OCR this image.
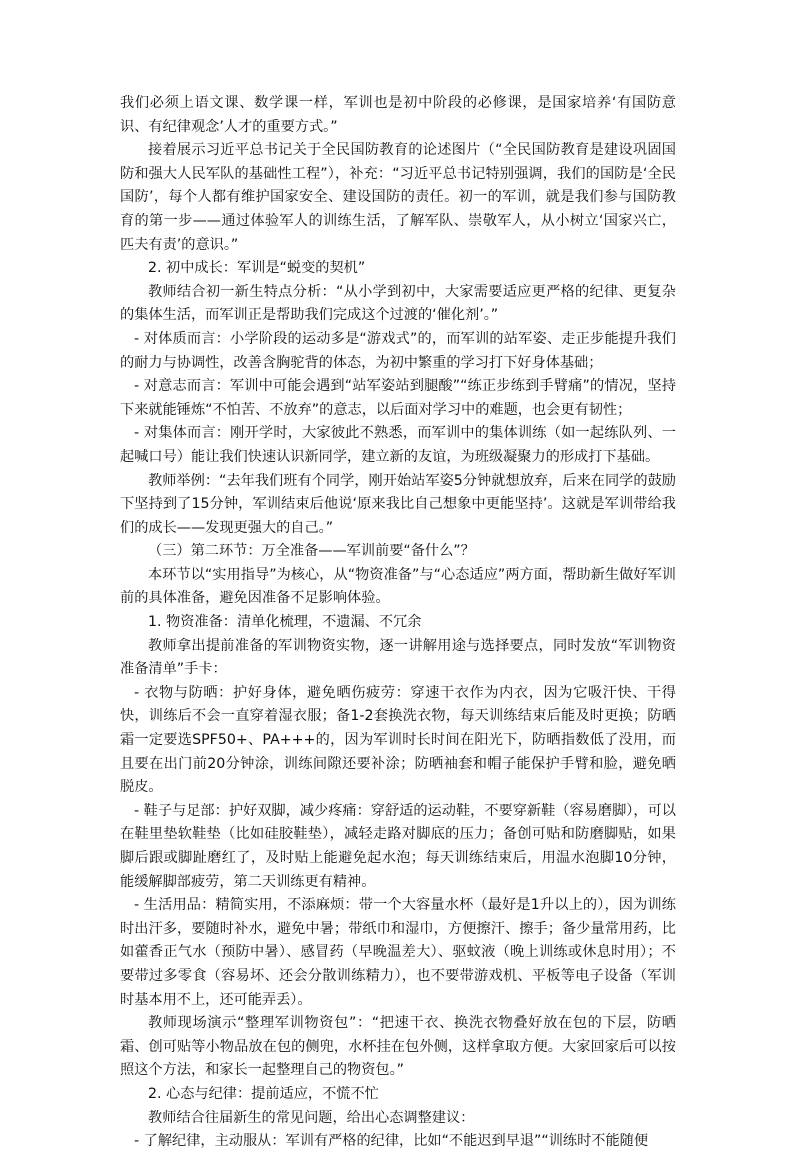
我们必须上语文课、数学课一样，军训也是初中阶段的必修课，是国家培养‘有国防意识、有纪律观念’人才的重要方式。”

接着展示习近平总书记关于全民国防教育的论述图片（“全民国防教育是建设巩固国防和强大人民军队的基础性工程”），补充：“习近平总书记特别强调，我们的国防是‘全民国防’，每个人都有维护国家安全、建设国防的责任。初一的军训，就是我们参与国防教育的第一步——通过体验军人的训练生活，了解军队、崇敬军人，从小树立‘国家兴亡，匹夫有责’的意识。”

2. 初中成长：军训是“蜕变的契机”

教师结合初一新生特点分析：“从小学到初中，大家需要适应更严格的纪律、更复杂的集体生活，而军训正是帮助我们完成这个过渡的‘催化剂’。”

- 对体质而言：小学阶段的运动多是“游戏式”的，而军训的站军姿、走正步能提升我们的耐力与协调性，改善含胸驼背的体态，为初中繁重的学习打下好身体基础；

- 对意志而言：军训中可能会遇到“站军姿站到腿酸”“练正步练到手臂痛”的情况，坚持下来就能锤炼“不怕苦、不放弃”的意志，以后面对学习中的难题，也会更有韧性；

- 对集体而言：刚开学时，大家彼此不熟悉，而军训中的集体训练（如一起练队列、一起喊口号）能让我们快速认识新同学，建立新的友谊，为班级凝聚力的形成打下基础。

教师举例：“去年我们班有个同学，刚开始站军姿5分钟就想放弃，后来在同学的鼓励下坚持到了15分钟，军训结束后他说‘原来我比自己想象中更能坚持’。这就是军训带给我们的成长——发现更强大的自己。”

（三）第二环节：万全准备——军训前要“备什么”？

本环节以“实用指导”为核心，从“物资准备”与“心态适应”两方面，帮助新生做好军训前的具体准备，避免因准备不足影响体验。

1. 物资准备：清单化梳理，不遗漏、不冗余

教师拿出提前准备的军训物资实物，逐一讲解用途与选择要点，同时发放“军训物资准备清单”手卡：

- 衣物与防晒：护好身体，避免晒伤疲劳：穿速干衣作为内衣，因为它吸汗快、干得快，训练后不会一直穿着湿衣服；备1-2套换洗衣物，每天训练结束后能及时更换；防晒霜一定要选SPF50+、PA+++的，因为军训时长时间在阳光下，防晒指数低了没用，而且要在出门前20分钟涂，训练间隙还要补涂；防晒袖套和帽子能保护手臂和脸，避免晒脱皮。

- 鞋子与足部：护好双脚，减少疼痛：穿舒适的运动鞋，不要穿新鞋（容易磨脚），可以在鞋里垫软鞋垫（比如硅胶鞋垫），减轻走路对脚底的压力；备创可贴和防磨脚贴，如果脚后跟或脚趾磨红了，及时贴上能避免起水泡；每天训练结束后，用温水泡脚10分钟，能缓解脚部疲劳，第二天训练更有精神。

- 生活用品：精简实用，不添麻烦：带一个大容量水杯（最好是1升以上的），因为训练时出汗多，要随时补水，避免中暑；带纸巾和湿巾，方便擦汗、擦手；备少量常用药，比如藿香正气水（预防中暑）、感冒药（早晚温差大）、驱蚊液（晚上训练或休息时用）；不要带过多零食（容易坏、还会分散训练精力），也不要带游戏机、平板等电子设备（军训时基本用不上，还可能弄丢）。

教师现场演示“整理军训物资包”：“把速干衣、换洗衣物叠好放在包的下层，防晒霜、创可贴等小物品放在包的侧兜，水杯挂在包外侧，这样拿取方便。大家回家后可以按照这个方法，和家长一起整理自己的物资包。”

2. 心态与纪律：提前适应，不慌不忙

教师结合往届新生的常见问题，给出心态调整建议：

- 了解纪律，主动服从：军训有严格的纪律，比如“不能迟到早退”“训练时不能随便
